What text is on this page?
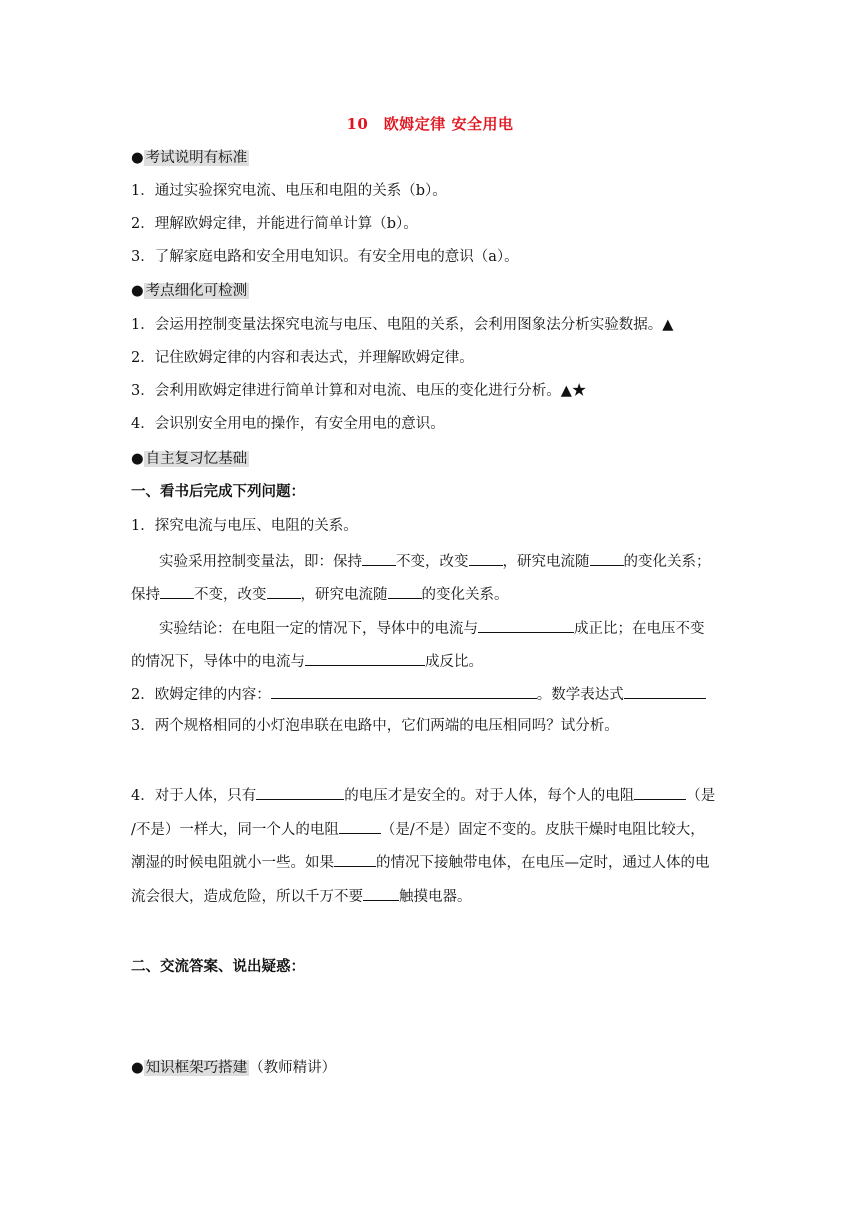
10　欧姆定律 安全用电
● 考试说明有标准
1．通过实验探究电流、电压和电阻的关系（b）。
2．理解欧姆定律，并能进行简单计算（b）。
3．了解家庭电路和安全用电知识。有安全用电的意识（a）。
● 考点细化可检测
1．会运用控制变量法探究电流与电压、电阻的关系，会利用图象法分析实验数据。▲
2．记住欧姆定律的内容和表达式，并理解欧姆定律。
3．会利用欧姆定律进行简单计算和对电流、电压的变化进行分析。▲★
4．会识别安全用电的操作，有安全用电的意识。
● 自主复习忆基础
一、看书后完成下列问题：
1．探究电流与电压、电阻的关系。
实验采用控制变量法，即：保持 不变，改变 ，研究电流随 的变化关系；
保持 不变，改变 ，研究电流随 的变化关系。
实验结论：在电阻一定的情况下，导体中的电流与	成正比；在电压不变
的情况下，导体中的电流与	成反比。
2．欧姆定律的内容：	。数学表达式
3．两个规格相同的小灯泡串联在电路中，它们两端的电压相同吗？试分析。
4．对于人体，只有	的电压才是安全的。对于人体，每个人的电阻	（是
/不是）一样大，同一个人的电阻	（是/不是）固定不变的。皮肤干燥时电阻比较大，
潮湿的时候电阻就小一些。如果	的情况下接触带电体，在电压—定时，通过人体的电
流会很大，造成危险，所以千万不要 触摸电器。
二、交流答案、说出疑惑：
● 知识框架巧搭建 （教师精讲）
